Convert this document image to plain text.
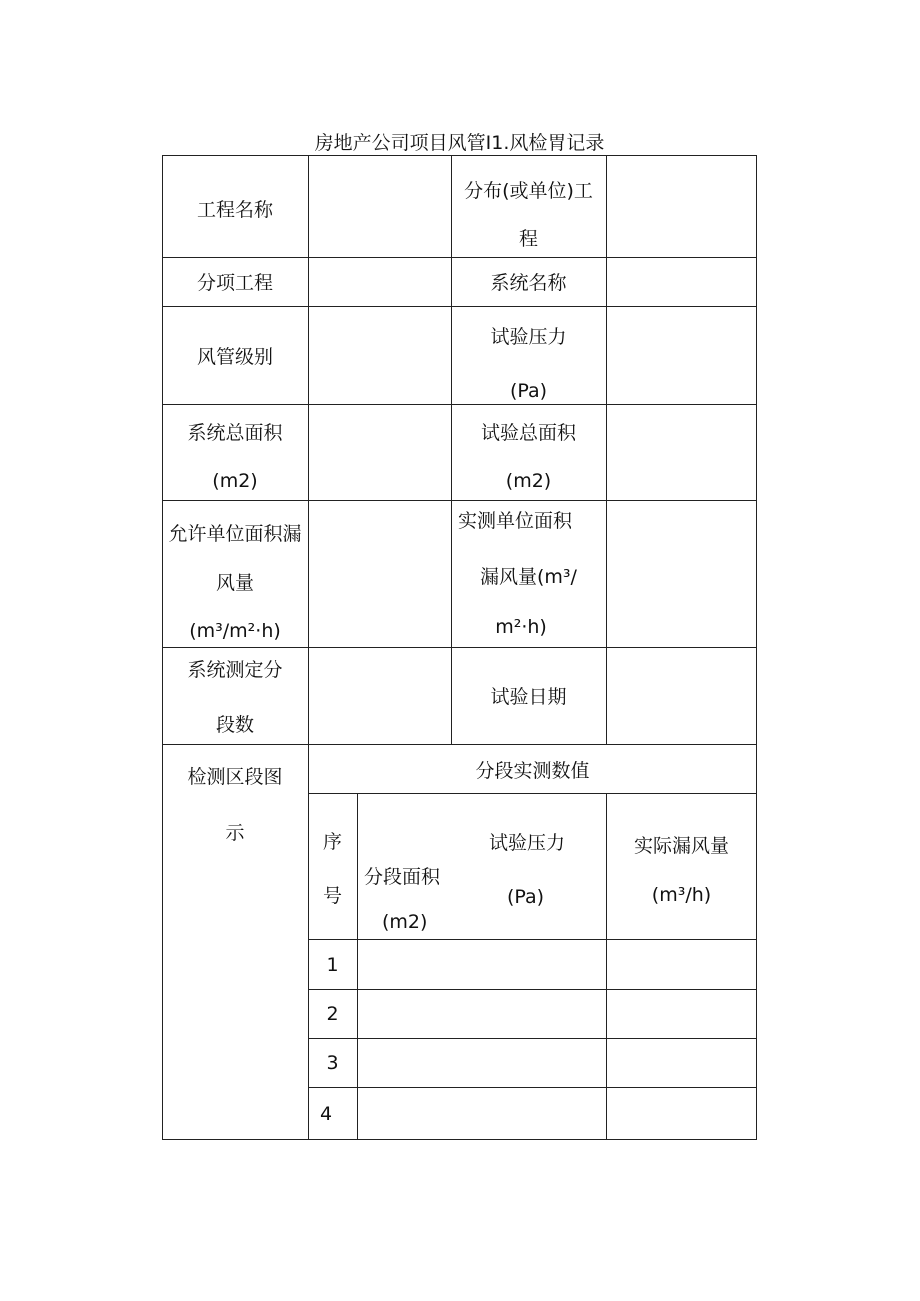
房地产公司项目风管I1.风检胃记录
工程名称
分布(或单位)工
程
分项工程	系统名称
风管级别
试验压力
(Pa)
系统总面积
(m2)
试验总面积
(m2)
允许单位面积漏
风量
(m³/m²·h)
实测单位面积
漏风量(m³/
m²·h)
系统测定分
段数
试验日期
检测区段图
示
分段实测数值
序
号
分段面积
(m2)
试验压力
(Pa)
实际漏风量
(m³/h)
1
2
3
4
